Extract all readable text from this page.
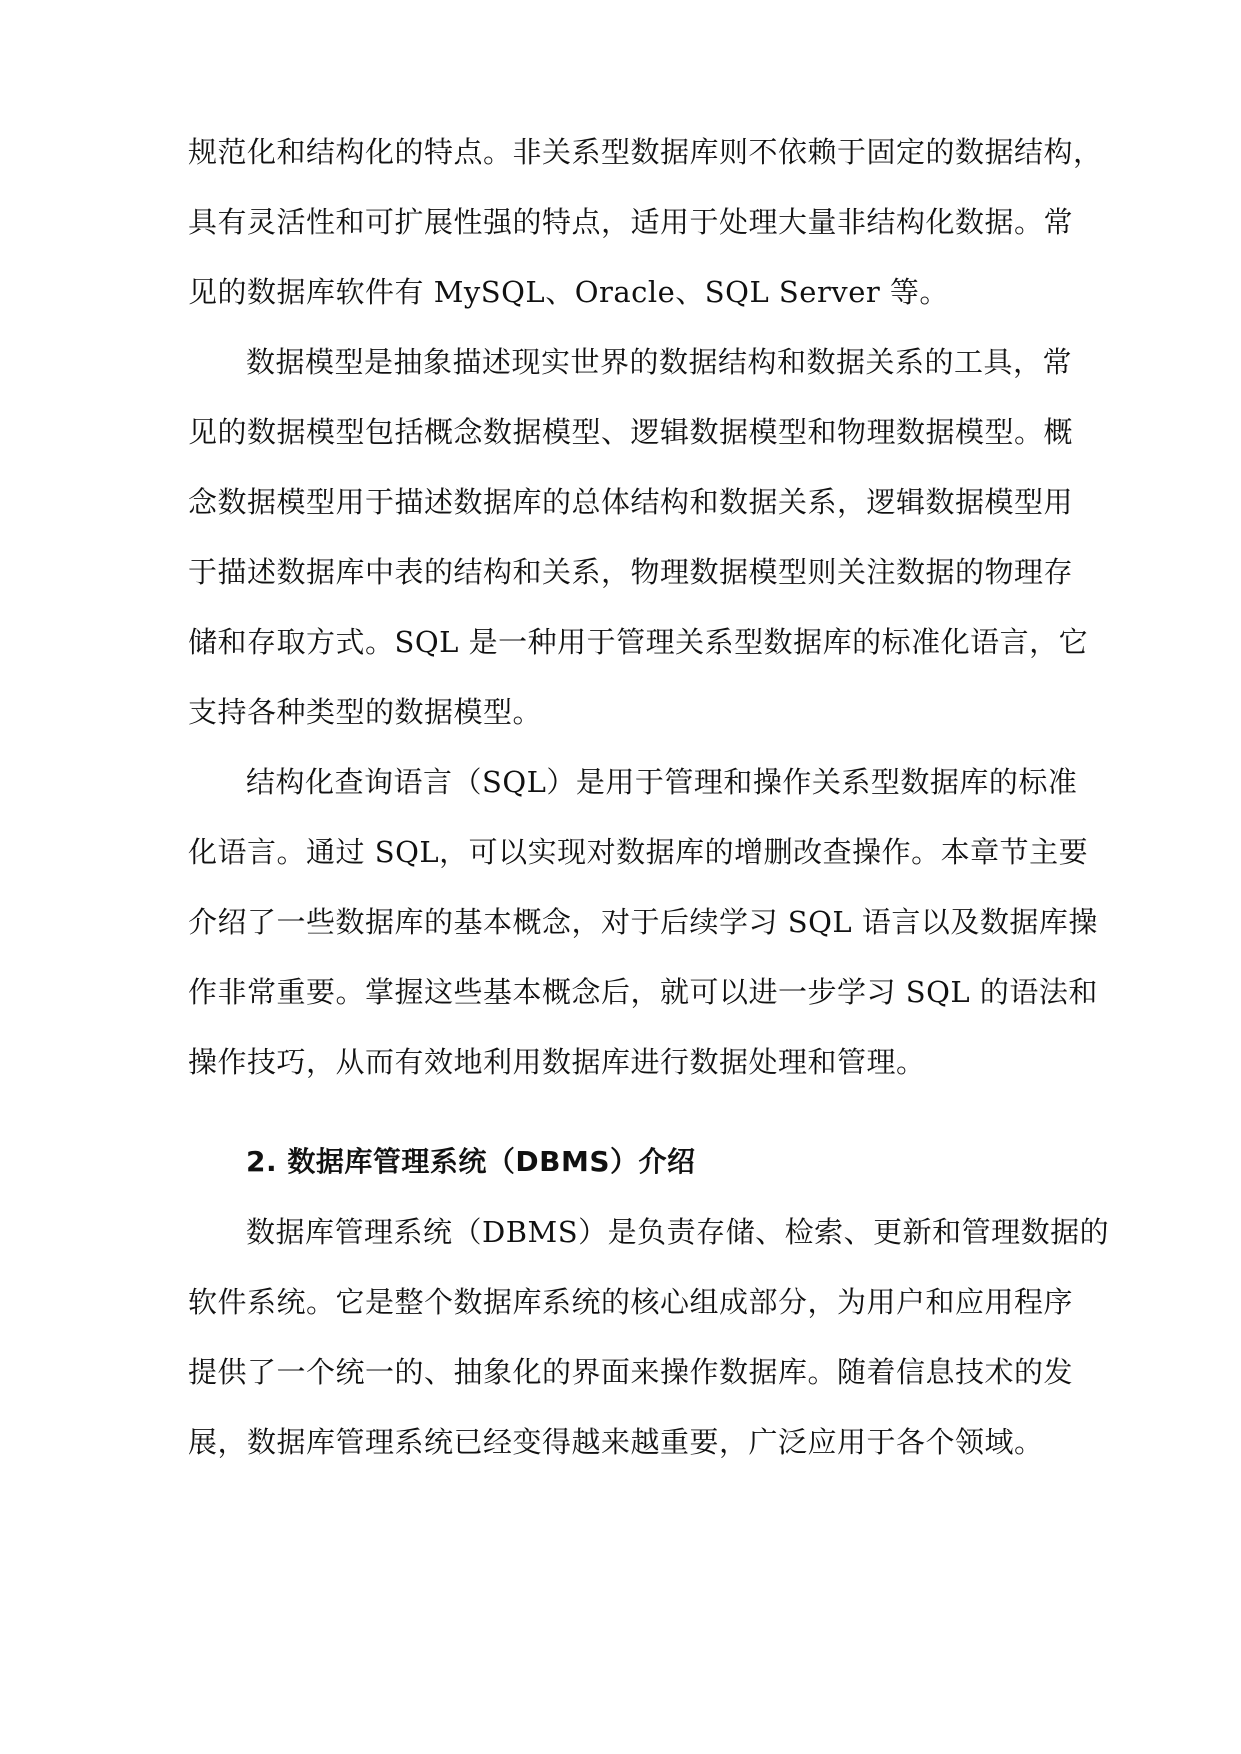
规范化和结构化的特点。非关系型数据库则不依赖于固定的数据结构，
具有灵活性和可扩展性强的特点，适用于处理大量非结构化数据。常
见的数据库软件有 MySQL、Oracle、SQL Server 等。
数据模型是抽象描述现实世界的数据结构和数据关系的工具，常
见的数据模型包括概念数据模型、逻辑数据模型和物理数据模型。概
念数据模型用于描述数据库的总体结构和数据关系，逻辑数据模型用
于描述数据库中表的结构和关系，物理数据模型则关注数据的物理存
储和存取方式。SQL 是一种用于管理关系型数据库的标准化语言，它
支持各种类型的数据模型。
结构化查询语言（SQL）是用于管理和操作关系型数据库的标准
化语言。通过 SQL，可以实现对数据库的增删改查操作。本章节主要
介绍了一些数据库的基本概念，对于后续学习 SQL 语言以及数据库操
作非常重要。掌握这些基本概念后，就可以进一步学习 SQL 的语法和
操作技巧，从而有效地利用数据库进行数据处理和管理。
2. 数据库管理系统（DBMS）介绍
数据库管理系统（DBMS）是负责存储、检索、更新和管理数据的
软件系统。它是整个数据库系统的核心组成部分，为用户和应用程序
提供了一个统一的、抽象化的界面来操作数据库。随着信息技术的发
展，数据库管理系统已经变得越来越重要，广泛应用于各个领域。
